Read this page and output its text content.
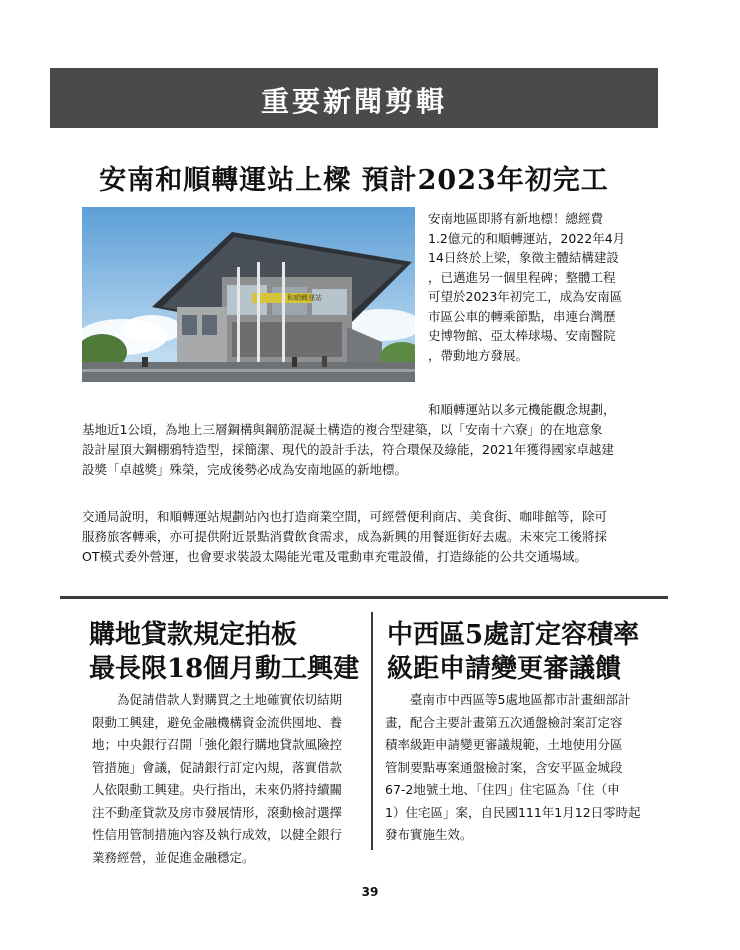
重要新聞剪輯
安南和順轉運站上樑 預計2023年初完工
和順轉運站
安南地區即將有新地標！總經費
1.2億元的和順轉運站，2022年4月
14日終於上梁，象徵主體結構建設
，已邁進另一個里程碑；整體工程
可望於2023年初完工，成為安南區
市區公車的轉乘節點，串連台灣歷
史博物館、亞太棒球場、安南醫院
，帶動地方發展。
和順轉運站以多元機能觀念規劃，
基地近1公頃，為地上三層鋼構與鋼筋混凝土構造的複合型建築，以「安南十六寮」的在地意象
設計屋頂大鋼棚鴉特造型，採簡潔、現代的設計手法，符合環保及綠能，2021年獲得國家卓越建
設獎「卓越獎」殊榮，完成後勢必成為安南地區的新地標。
交通局說明，和順轉運站規劃站內也打造商業空間，可經營便利商店、美食街、咖啡館等，除可
服務旅客轉乘，亦可提供附近景點消費飲食需求，成為新興的用餐逛街好去處。未來完工後將採
OT模式委外營運，也會要求裝設太陽能光電及電動車充電設備，打造綠能的公共交通場域。
購地貸款規定拍板
最長限18個月動工興建
　　為促請借款人對購買之土地確實依切結期
限動工興建，避免金融機構資金流供囤地、養
地；中央銀行召開「強化銀行購地貸款風險控
管措施」會議，促請銀行訂定內規，落實借款
人依限動工興建。央行指出，未來仍將持續關
注不動產貸款及房市發展情形，滾動檢討選擇
性信用管制措施內容及執行成效，以健全銀行
業務經營，並促進金融穩定。
中西區5處訂定容積率
級距申請變更審議饋
　　臺南市中西區等5處地區都市計畫細部計
畫，配合主要計畫第五次通盤檢討案訂定容
積率級距申請變更審議規範，土地使用分區
管制要點專案通盤檢討案，含安平區金城段
67-2地號土地、「住四」住宅區為「住（申
1）住宅區」案，自民國111年1月12日零時起
發布實施生效。
39
